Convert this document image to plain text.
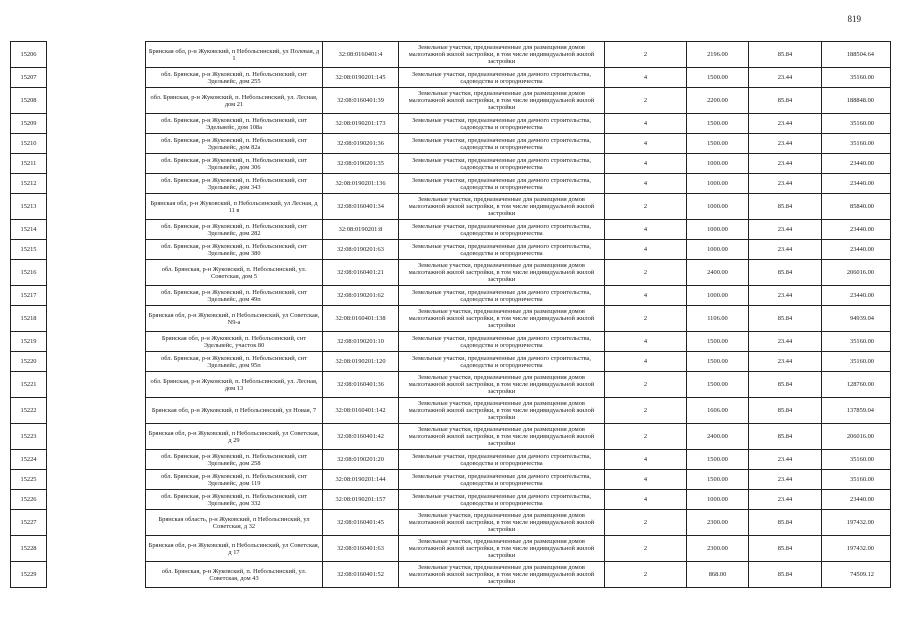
819
15206		Брянская обл, р-н Жуковский, п Небольсинский, ул Полевая, д 1	32:08:0160401:4	Земельные участки, предназначенные для размещения домов малоэтажной жилой застройки, в том числе индивидуальной жилой застройки	2	2196.00	85.84	188504.64
15207		обл. Брянская, р-н Жуковский, п. Небольсинский, снт Эдельвейс, дом 255	32:08:0190201:145	Земельные участки, предназначенные для дачного строительства, садоводства и огородничества	4	1500.00	23.44	35160.00
15208		обл. Брянская, р-н Жуковский, п. Небольсинский, ул. Лесная, дом 21	32:08:0160401:39	Земельные участки, предназначенные для размещения домов малоэтажной жилой застройки, в том числе индивидуальной жилой застройки	2	2200.00	85.84	188848.00
15209		обл. Брянская, р-н Жуковский, п. Небольсинский, снт Эдельвейс, дом 108а	32:08:0190201:173	Земельные участки, предназначенные для дачного строительства, садоводства и огородничества	4	1500.00	23.44	35160.00
15210		обл. Брянская, р-н Жуковский, п. Небольсинский, снт Эдельвейс, дом 82а	32:08:0190201:36	Земельные участки, предназначенные для дачного строительства, садоводства и огородничества	4	1500.00	23.44	35160.00
15211		обл. Брянская, р-н Жуковский, п. Небольсинский, снт Эдельвейс, дом 306	32:08:0190201:35	Земельные участки, предназначенные для дачного строительства, садоводства и огородничества	4	1000.00	23.44	23440.00
15212		обл. Брянская, р-н Жуковский, п. Небольсинский, снт Эдельвейс, дом 343	32:08:0190201:136	Земельные участки, предназначенные для дачного строительства, садоводства и огородничества	4	1000.00	23.44	23440.00
15213		Брянская обл, р-н Жуковский, п Небольсинский, ул Лесная, д 11 в	32:08:0160401:34	Земельные участки, предназначенные для размещения домов малоэтажной жилой застройки, в том числе индивидуальной жилой застройки	2	1000.00	85.84	85840.00
15214		обл. Брянская, р-н Жуковский, п. Небольсинский, снт Эдельвейс, дом 282	32:08:0190201:8	Земельные участки, предназначенные для дачного строительства, садоводства и огородничества	4	1000.00	23.44	23440.00
15215		обл. Брянская, р-н Жуковский, п. Небольсинский, снт Эдельвейс, дом 380	32:08:0190201:63	Земельные участки, предназначенные для дачного строительства, садоводства и огородничества	4	1000.00	23.44	23440.00
15216		обл. Брянская, р-н Жуковский, п. Небольсинский, ул. Советская, дом 5	32:08:0160401:21	Земельные участки, предназначенные для размещения домов малоэтажной жилой застройки, в том числе индивидуальной жилой застройки	2	2400.00	85.84	206016.00
15217		обл. Брянская, р-н Жуковский, п. Небольсинский, снт Эдельвейс, дом 49п	32:08:0190201:62	Земельные участки, предназначенные для дачного строительства, садоводства и огородничества	4	1000.00	23.44	23440.00
15218		Брянская обл, р-н Жуковский, п Небольсинский, ул Советская, N9-а	32:08:0160401:138	Земельные участки, предназначенные для размещения домов малоэтажной жилой застройки, в том числе индивидуальной жилой застройки	2	1106.00	85.84	94939.04
15219		Брянская обл, р-н Жуковский, п. Небольсинский, снт Эдельвейс, участок 80	32:08:0190201:10	Земельные участки, предназначенные для дачного строительства, садоводства и огородничества	4	1500.00	23.44	35160.00
15220		обл. Брянская, р-н Жуковский, п. Небольсинский, снт Эдельвейс, дом 95п	32:08:0190201:120	Земельные участки, предназначенные для дачного строительства, садоводства и огородничества	4	1500.00	23.44	35160.00
15221		обл. Брянская, р-н Жуковский, п. Небольсинский, ул. Лесная, дом 13	32:08:0160401:36	Земельные участки, предназначенные для размещения домов малоэтажной жилой застройки, в том числе индивидуальной жилой застройки	2	1500.00	85.84	128760.00
15222		Брянская обл, р-н Жуковский, п Небольсинский, ул Новая, 7	32:08:0160401:142	Земельные участки, предназначенные для размещения домов малоэтажной жилой застройки, в том числе индивидуальной жилой застройки	2	1606.00	85.84	137859.04
15223		Брянская обл, р-н Жуковский, п Небольсинский, ул Советская, д 29	32:08:0160401:42	Земельные участки, предназначенные для размещения домов малоэтажной жилой застройки, в том числе индивидуальной жилой застройки	2	2400.00	85.84	206016.00
15224		обл. Брянская, р-н Жуковский, п. Небольсинский, снт Эдельвейс, дом 258	32:08:0190201:20	Земельные участки, предназначенные для дачного строительства, садоводства и огородничества	4	1500.00	23.44	35160.00
15225		обл. Брянская, р-н Жуковский, п. Небольсинский, снт Эдельвейс, дом 119	32:08:0190201:144	Земельные участки, предназначенные для дачного строительства, садоводства и огородничества	4	1500.00	23.44	35160.00
15226		обл. Брянская, р-н Жуковский, п. Небольсинский, снт Эдельвейс, дом 332	32:08:0190201:157	Земельные участки, предназначенные для дачного строительства, садоводства и огородничества	4	1000.00	23.44	23440.00
15227		Брянская область, р-н Жуковский, п Небольсинский, ул Советская, д 32	32:08:0160401:45	Земельные участки, предназначенные для размещения домов малоэтажной жилой застройки, в том числе индивидуальной жилой застройки	2	2300.00	85.84	197432.00
15228		Брянская обл, р-н Жуковский, п Небольсинский, ул Советская, д 17	32:08:0160401:63	Земельные участки, предназначенные для размещения домов малоэтажной жилой застройки, в том числе индивидуальной жилой застройки	2	2300.00	85.84	197432.00
15229		обл. Брянская, р-н Жуковский, п. Небольсинский, ул. Советская, дом 43	32:08:0160401:52	Земельные участки, предназначенные для размещения домов малоэтажной жилой застройки, в том числе индивидуальной жилой застройки	2	868.00	85.84	74509.12
